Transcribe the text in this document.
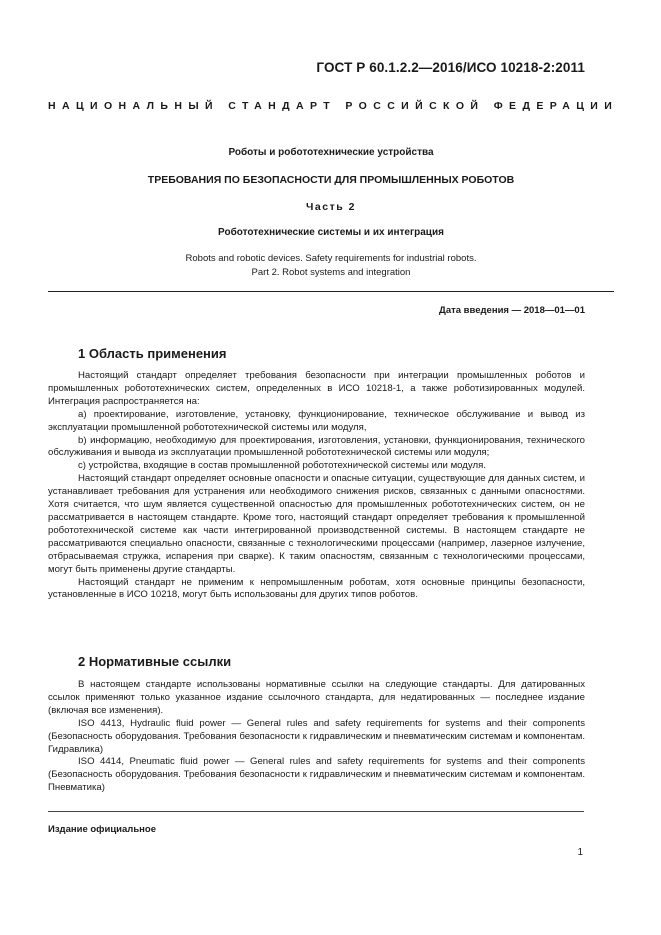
ГОСТ Р 60.1.2.2—2016/ИСО 10218-2:2011
НАЦИОНАЛЬНЫЙ СТАНДАРТ РОССИЙСКОЙ ФЕДЕРАЦИИ
Роботы и робототехнические устройства
ТРЕБОВАНИЯ ПО БЕЗОПАСНОСТИ ДЛЯ ПРОМЫШЛЕННЫХ РОБОТОВ
Часть 2
Робототехнические системы и их интеграция
Robots and robotic devices. Safety requirements for industrial robots.
Part 2. Robot systems and integration
Дата введения — 2018—01—01
1 Область применения

Настоящий стандарт определяет требования безопасности при интеграции промышленных роботов и промышленных робототехнических систем, определенных в ИСО 10218-1, а также роботизированных модулей. Интеграция распространяется на:

a) проектирование, изготовление, установку, функционирование, техническое обслуживание и вывод из эксплуатации промышленной робототехнической системы или модуля,

b) информацию, необходимую для проектирования, изготовления, установки, функционирования, технического обслуживания и вывода из эксплуатации промышленной робототехнической системы или модуля;

c) устройства, входящие в состав промышленной робототехнической системы или модуля.

Настоящий стандарт определяет основные опасности и опасные ситуации, существующие для данных систем, и устанавливает требования для устранения или необходимого снижения рисков, связанных с данными опасностями. Хотя считается, что шум является существенной опасностью для промышленных робототехнических систем, он не рассматривается в настоящем стандарте. Кроме того, настоящий стандарт определяет требования к промышленной робототехнической системе как части интегрированной производственной системы. В настоящем стандарте не рассматриваются специально опасности, связанные с технологическими процессами (например, лазерное излучение, отбрасываемая стружка, испарения при сварке). К таким опасностям, связанным с технологическими процессами, могут быть применены другие стандарты.

Настоящий стандарт не применим к непромышленным роботам, хотя основные принципы безопасности, установленные в ИСО 10218, могут быть использованы для других типов роботов.

2 Нормативные ссылки

В настоящем стандарте использованы нормативные ссылки на следующие стандарты. Для датированных ссылок применяют только указанное издание ссылочного стандарта, для недатированных — последнее издание (включая все изменения).

ISO 4413, Hydraulic fluid power — General rules and safety requirements for systems and their components (Безопасность оборудования. Требования безопасности к гидравлическим и пневматическим системам и компонентам. Гидравлика)

ISO 4414, Pneumatic fluid power — General rules and safety requirements for systems and their components (Безопасность оборудования. Требования безопасности к гидравлическим и пневматическим системам и компонентам. Пневматика)

Издание официальное
1
